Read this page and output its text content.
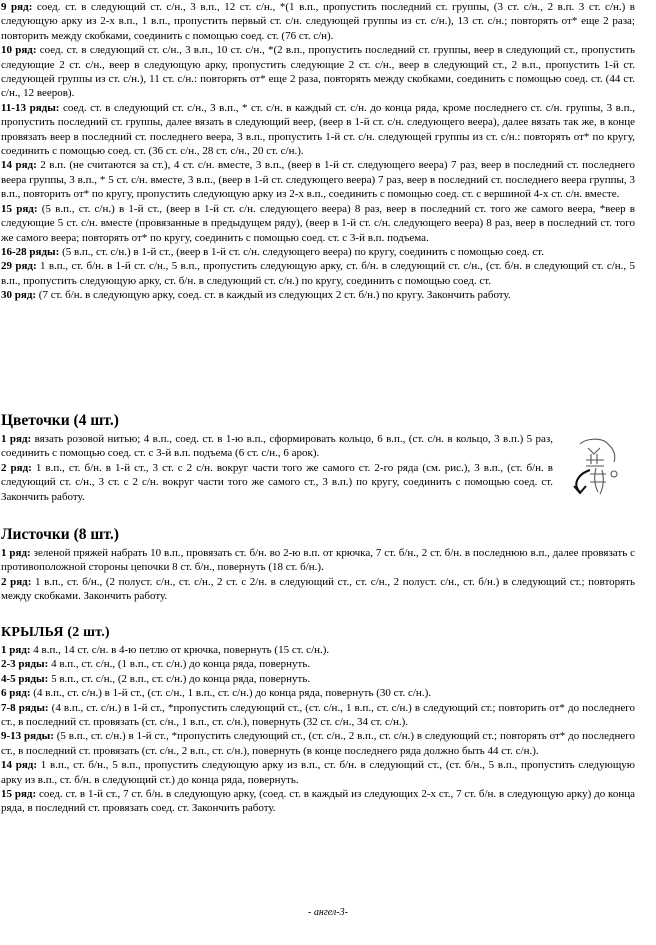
9 ряд: соед. ст. в следующий ст. с/н., 3 в.п., 12 ст. с/н., *(1 в.п., пропустить последний ст. группы, (3 ст. с/н., 2 в.п. 3 ст. с/н.) в следующую арку из 2-х в.п., 1 в.п., пропустить первый ст. с/н. следующей группы из ст. с/н.), 13 ст. с/н.; повторять от* еще 2 раза; повторить между скобками, соединить с помощью соед. ст. (76 ст. с/н).
10 ряд: соед. ст. в следующий ст. с/н., 3 в.п., 10 ст. с/н., *(2 в.п., пропустить последний ст. группы, веер в следующий ст., пропустить следующие 2 ст. с/н., веер в следующую арку, пропустить следующие 2 ст. с/н., веер в следующий ст., 2 в.п., пропустить 1-й ст. следующей группы из ст. с/н.), 11 ст. с/н.: повторять от* еще 2 раза, повторять между скобками, соединить с помощью соед. ст. (44 ст. с/н., 12 вееров).
11-13 ряды: соед. ст. в следующий ст. с/н., 3 в.п., * ст. с/н. в каждый ст. с/н. до конца ряда, кроме последнего ст. с/н. группы, 3 в.п., пропустить последний ст. группы, далее вязать в следующий веер, (веер в 1-й ст. с/н. следующего веера), далее вязать так же, в конце провязать веер в последний ст. последнего веера, 3 в.п., пропустить 1-й ст. с/н. следующей группы из ст. с/н.: повторять от* по кругу, соединить с помощью соед. ст. (36 ст. с/н., 28 ст. с/н., 20 ст. с/н.).
14 ряд: 2 в.п. (не считаются за ст.), 4 ст. с/н. вместе, 3 в.п., (веер в 1-й ст. следующего веера) 7 раз, веер в последний ст. последнего веера группы, 3 в.п., * 5 ст. с/н. вместе, 3 в.п., (веер в 1-й ст. следующего веера) 7 раз, веер в последний ст. последнего веера группы, 3 в.п., повторить от* по кругу, пропустить следующую арку из 2-х в.п., соединить с помощью соед. ст. с вершиной 4-х ст. с/н. вместе.
15 ряд: (5 в.п., ст. с/н.) в 1-й ст., (веер в 1-й ст. с/н. следующего веера) 8 раз, веер в последний ст. того же самого веера, *веер в следующие 5 ст. с/н. вместе (провязанные в предыдущем ряду), (веер в 1-й ст. с/н. следующего веера) 8 раз, веер в последний ст. того же самого веера; повторять от* по кругу, соединить с помощью соед. ст. с 3-й в.п. подъема.
16-28 ряды: (5 в.п., ст. с/н.) в 1-й ст., (веер в 1-й ст. с/н. следующего веера) по кругу, соединить с помощью соед. ст.
29 ряд: 1 в.п., ст. б/н. в 1-й ст. с/н., 5 в.п., пропустить следующую арку, ст. б/н. в следующий ст. с/н., (ст. б/н. в следующий ст. с/н., 5 в.п., пропустить следующую арку, ст. б/н. в следующий ст. с/н.) по кругу, соединить с помощью соед. ст.
30 ряд: (7 ст. б/н. в следующую арку, соед. ст. в каждый из следующих 2 ст. б/н.) по кругу. Закончить работу.
Цветочки (4 шт.)
1 ряд: вязать розовой нитью; 4 в.п., соед. ст. в 1-ю в.п., сформировать кольцо, 6 в.п., (ст. с/н. в кольцо, 3 в.п.) 5 раз, соединить с помощью соед. ст. с 3-й в.п. подъема (6 ст. с/н., 6 арок).
2 ряд: 1 в.п., ст. б/н. в 1-й ст., 3 ст. с 2 с/н. вокруг части того же самого ст. 2-го ряда (см. рис.), 3 в.п., (ст. б/н. в следующий ст. с/н., 3 ст. с 2 с/н. вокруг части того же самого ст., 3 в.п.) по кругу, соединить с помощью соед. ст. Закончить работу.
Листочки (8 шт.)
1 ряд: зеленой пряжей набрать 10 в.п., провязать ст. б/н. во 2-ю в.п. от крючка, 7 ст. б/н., 2 ст. б/н. в последнюю в.п., далее провязать с противоположной стороны цепочки 8 ст. б/н., повернуть (18 ст. б/н.).
2 ряд: 1 в.п., ст. б/н., (2 полуст. с/н., ст. с/н., 2 ст. с 2/н. в следующий ст., ст. с/н., 2 полуст. с/н., ст. б/н.) в следующий ст.; повторять между скобками. Закончить работу.
КРЫЛЬЯ (2 шт.)
1 ряд: 4 в.п., 14 ст. с/н. в 4-ю петлю от крючка, повернуть (15 ст. с/н.).
2-3 ряды: 4 в.п., ст. с/н., (1 в.п., ст. с/н.) до конца ряда, повернуть.
4-5 ряды: 5 в.п., ст. с/н., (2 в.п., ст. с/н.) до конца ряда, повернуть.
6 ряд: (4 в.п., ст. с/н.) в 1-й ст., (ст. с/н., 1 в.п., ст. с/н.) до конца ряда, повернуть (30 ст. с/н.).
7-8 ряды: (4 в.п., ст. с/н.) в 1-й ст., *пропустить следующий ст., (ст. с/н., 1 в.п., ст. с/н.) в следующий ст.; повторить от* до последнего ст., в последний ст. провязать (ст. с/н., 1 в.п., ст. с/н.), повернуть (32 ст. с/н., 34 ст. с/н.).
9-13 ряды: (5 в.п., ст. с/н.) в 1-й ст., *пропустить следующий ст., (ст. с/н., 2 в.п., ст. с/н.) в следующий ст.; повторять от* до последнего ст., в последний ст. провязать (ст. с/н., 2 в.п., ст. с/н.), повернуть (в конце последнего ряда должно быть 44 ст. с/н.).
14 ряд: 1 в.п., ст. б/н., 5 в.п., пропустить следующую арку из в.п., ст. б/н. в следующий ст., (ст. б/н., 5 в.п., пропустить следующую арку из в.п., ст. б/н. в следующий ст.) до конца ряда, повернуть.
15 ряд: соед. ст. в 1-й ст., 7 ст. б/н. в следующую арку, (соед. ст. в каждый из следующих 2-х ст., 7 ст. б/н. в следующую арку) до конца ряда, в последний ст. провязать соед. ст. Закончить работу.
- ангел-3-
